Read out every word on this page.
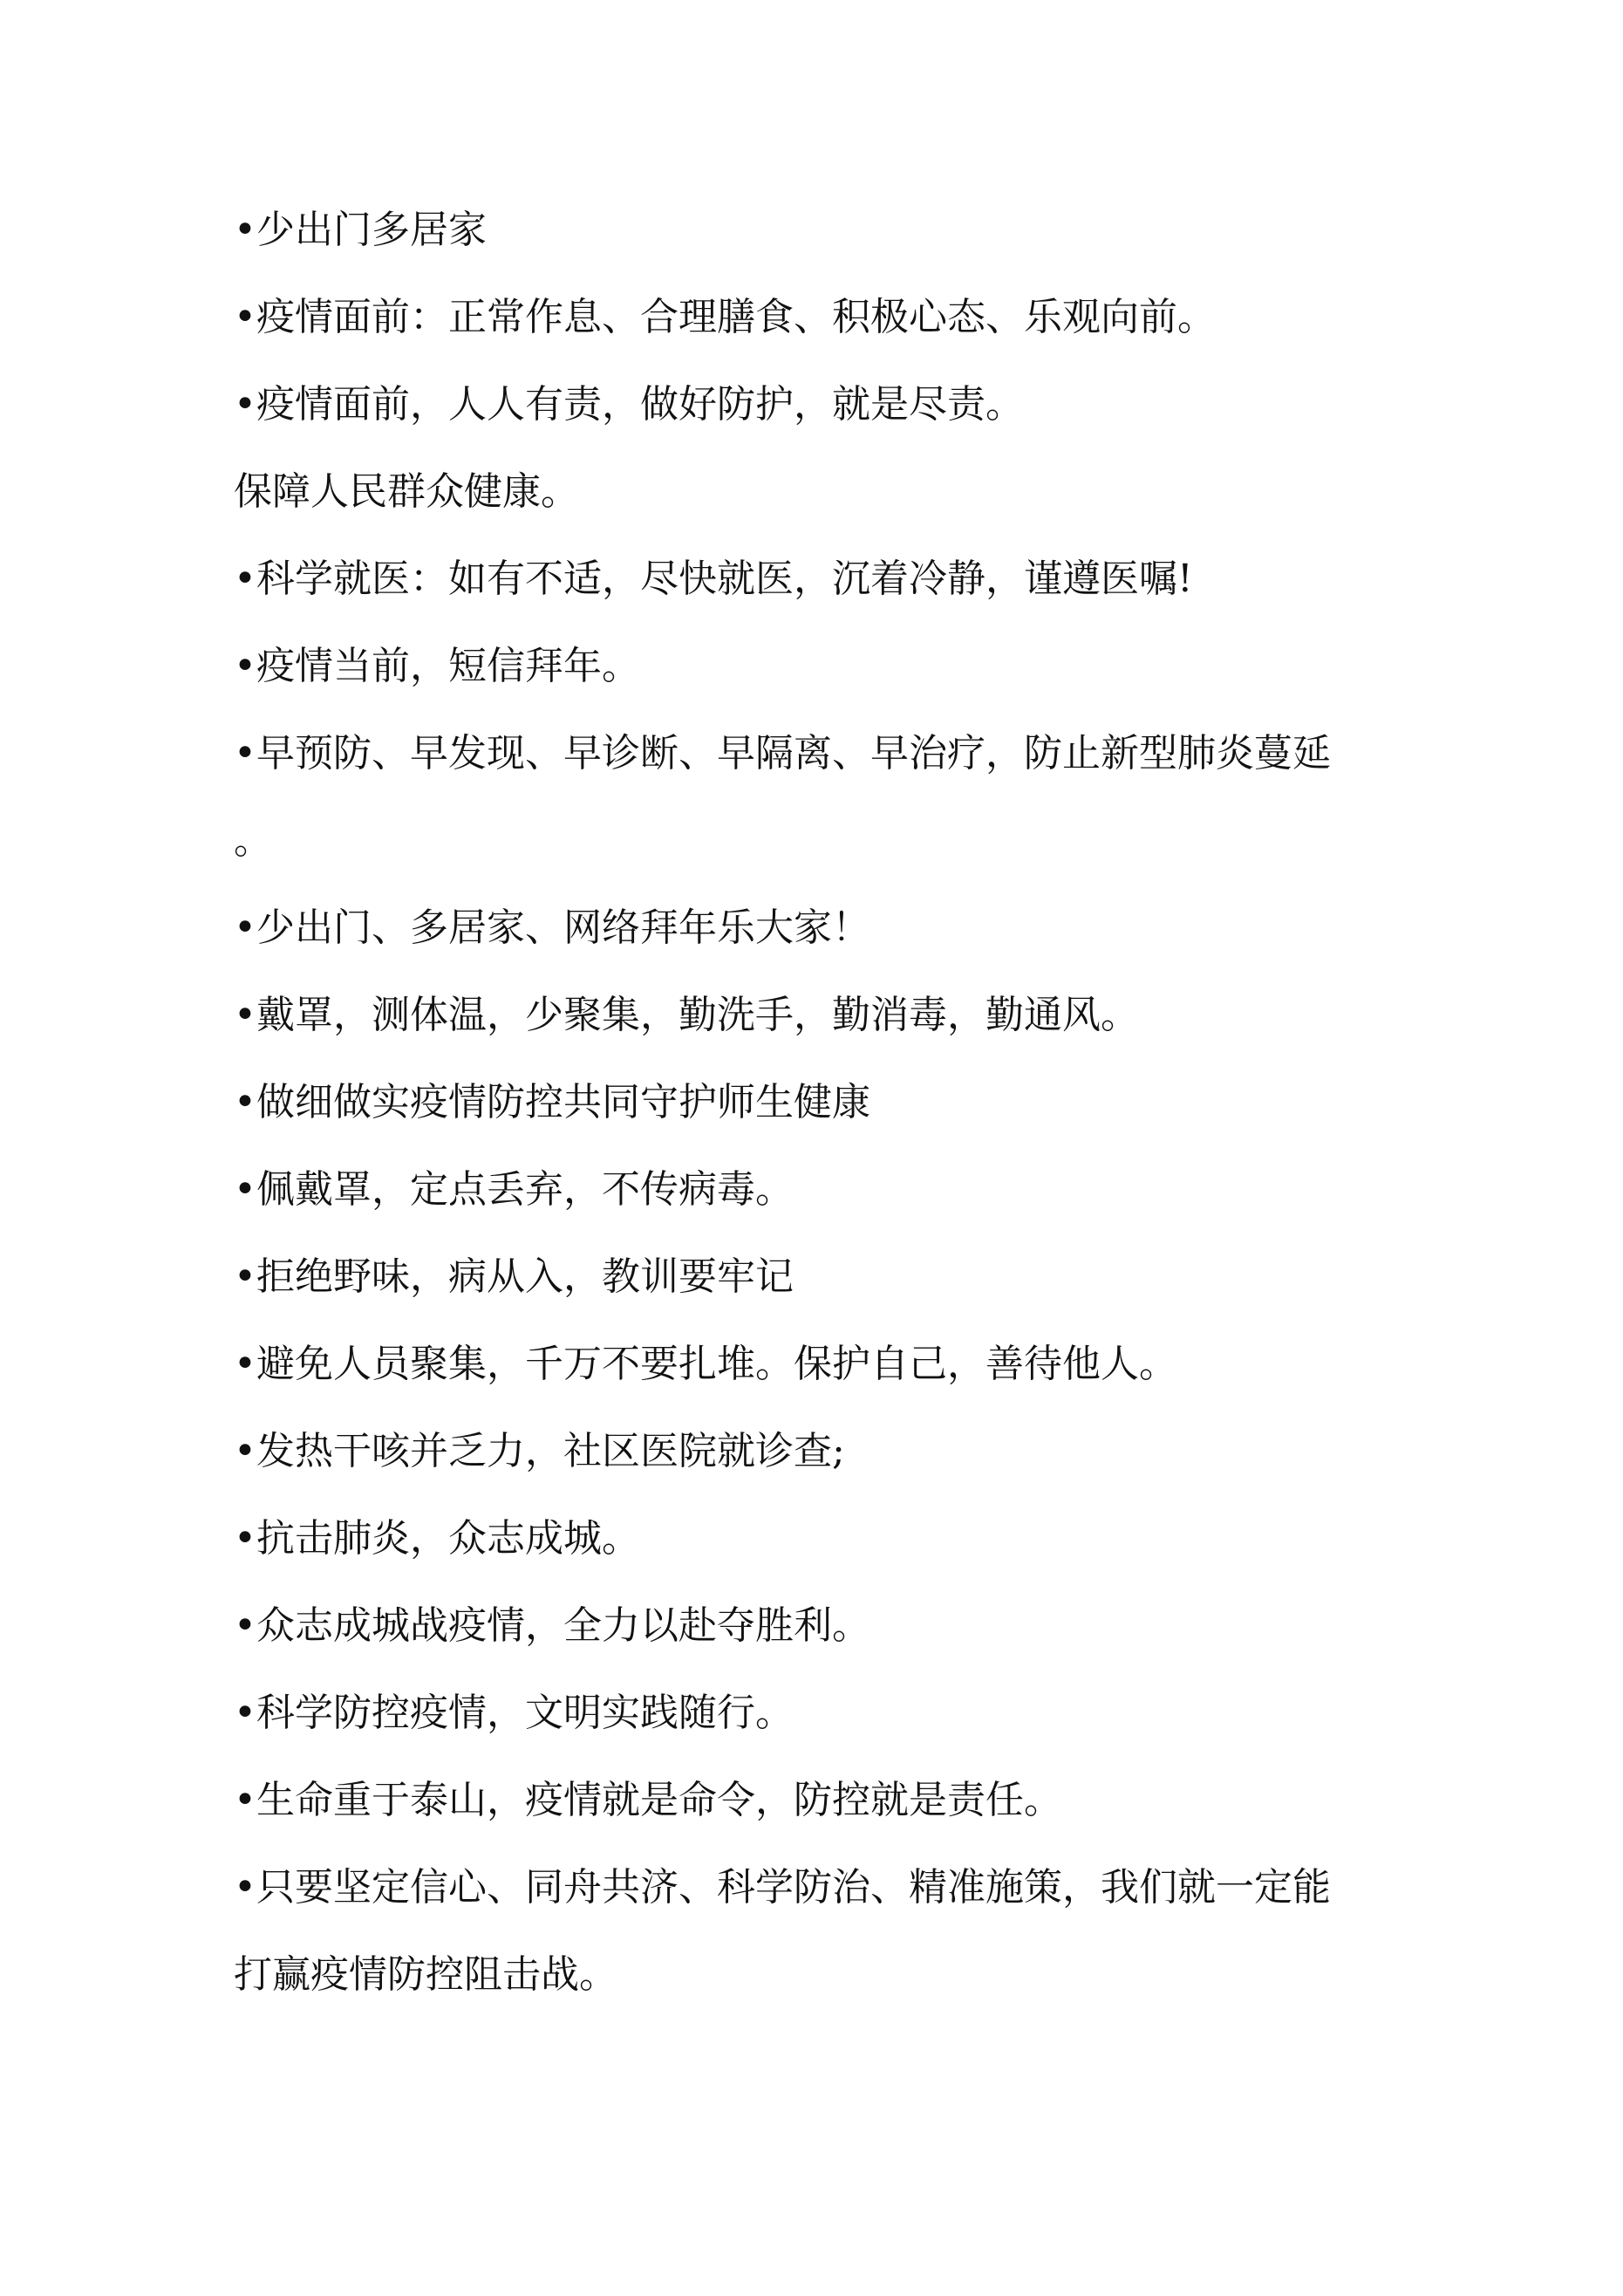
•少出门多居家
•疫情面前：正常作息、合理膳食、积极心态、乐观向前。
•疫情面前，人人有责，做好防护，就是尽责。
保障人民群众健康。
•科学就医：如有不适，尽快就医，沉着冷静，谨遵医嘱!
•疫情当前，短信拜年。
•早预防、早发现、早诊断、早隔离、早治疗，防止新型肺炎蔓延
。
•少出门、多居家、网络拜年乐大家！
•戴罩，测体温，少聚集，勤洗手，勤消毒，勤通风。
•做细做实疫情防控共同守护师生健康
•佩戴罩，定点丢弃，不传病毒。
•拒绝野味，病从入，教训要牢记
•避免人员聚集，千万不要扎堆。保护自己，善待他人。
•发热干咳并乏力，社区医院就诊查;
•抗击肺炎，众志成城。
•众志成城战疫情，全力以赴夺胜利。
•科学防控疫情，文明实践随行。
•生命重于泰山，疫情就是命令，防控就是责任。
•只要坚定信心、同舟共济、科学防治、精准施策，我们就一定能
打赢疫情防控阻击战。
